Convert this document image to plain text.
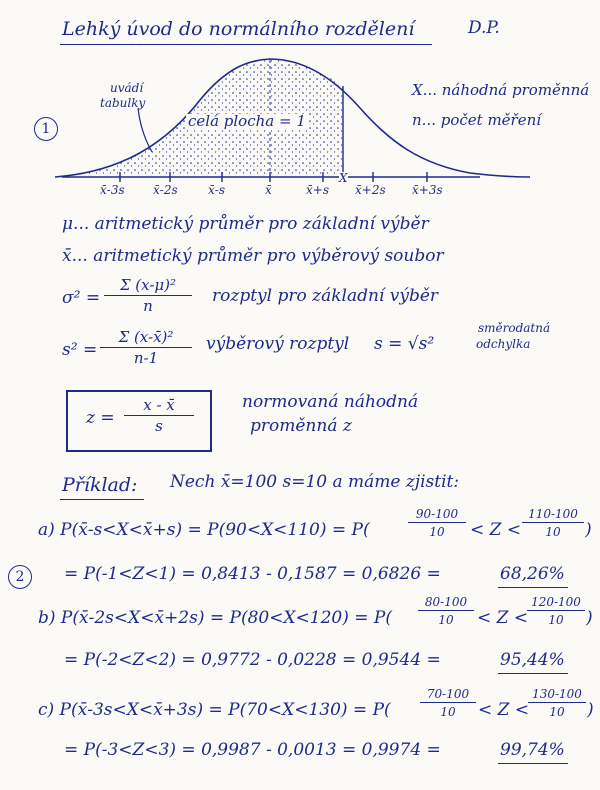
Lehký úvod do normálního rozdělení	D.P.
1
uvádí
tabulky
celá plocha = 1
X
x̄-3s x̄-2s	x̄-s	x̄	x̄+s x̄+2s x̄+3s
X... náhodná proměnná
n... počet měření
μ... aritmetický průměr pro základní výběr
x̄... aritmetický průměr pro výběrový soubor
$\sigma^2 = \frac{\text{Σ (x-μ)²}}{n}$ rozptyl pro základní výběr
$s^2 = \frac{\text{Σ (x-x̄)²}}{n-1}$ výběrový rozptyl s = √s²
směrodatná
odchylka
$z = \frac{x - x̄}{s}$	normovaná náhodná
proměnná z
Příklad: Nech x̄=100 s=10 a máme zjistit:
a) P(x̄-s<X<x̄+s) = P(90<X<110) = P(	$\frac{90-100}{10} < Z < \frac{110-100}{10}$ )
2	= P(-1<Z<1) = 0,8413 - 0,1587 = 0,6826 =	68,26%
b) P(x̄-2s<X<x̄+2s) = $P(80<X<120) = P( \frac{80-100}{10} < Z$ <
$\frac{120-100}{10}$ )
= P(-2<Z<2) = 0,9772 - 0,0228 = 0,9544 =	95,44%
c) P(x̄-3s<X<x̄+3s) = $P(70<X<130) = P( \frac{70-100}{10} < Z$ <
$\frac{130-100}{10}$ )
= P(-3<Z<3) = 0,9987 - 0,0013 = 0,9974 =	99,74%
